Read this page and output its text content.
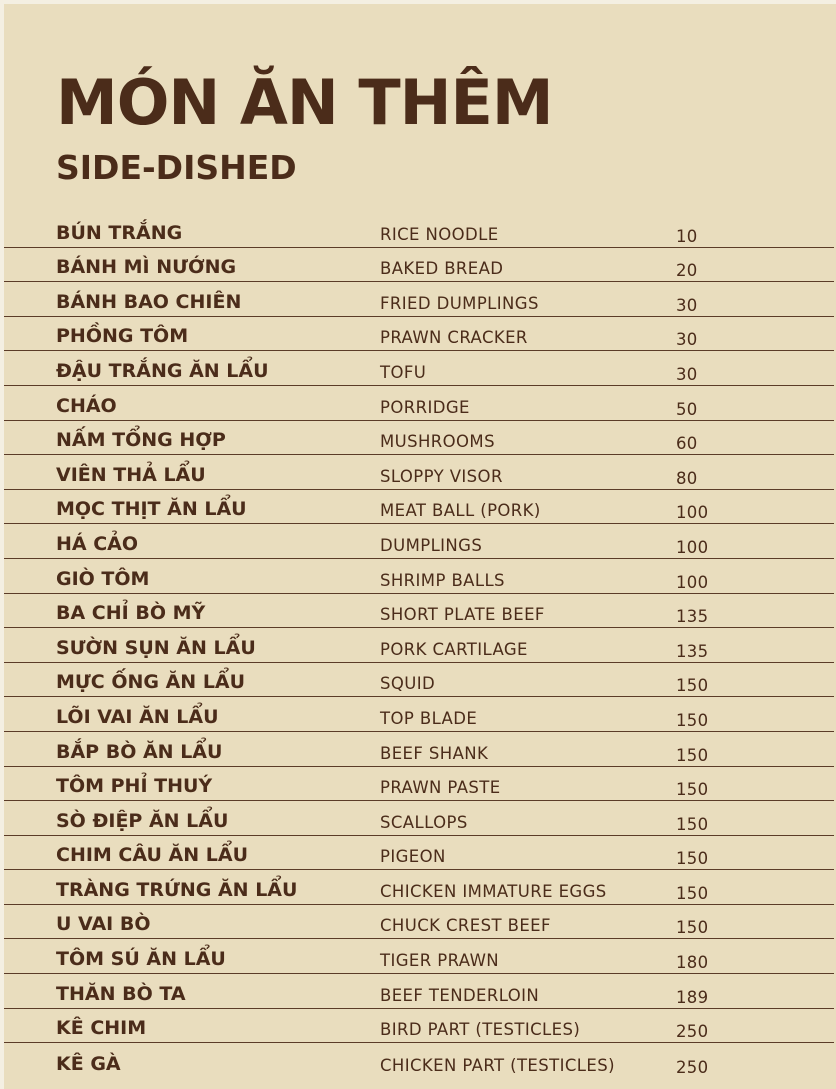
MÓN ĂN THÊM
SIDE-DISHED
BÚN TRẮNG	RICE NOODLE	10
BÁNH MÌ NƯỚNG	BAKED BREAD	20
BÁNH BAO CHIÊN	FRIED DUMPLINGS	30
PHỒNG TÔM	PRAWN CRACKER	30
ĐẬU TRẮNG ĂN LẨU	TOFU	30
CHÁO	PORRIDGE	50
NẤM TỔNG HỢP	MUSHROOMS	60
VIÊN THẢ LẨU	SLOPPY VISOR	80
MỌC THỊT ĂN LẨU	MEAT BALL (PORK)	100
HÁ CẢO	DUMPLINGS	100
GIÒ TÔM	SHRIMP BALLS	100
BA CHỈ BÒ MỸ	SHORT PLATE BEEF	135
SƯỜN SỤN ĂN LẨU	PORK CARTILAGE	135
MỰC ỐNG ĂN LẨU	SQUID	150
LÕI VAI ĂN LẨU	TOP BLADE	150
BẮP BÒ ĂN LẨU	BEEF SHANK	150
TÔM PHỈ THUÝ	PRAWN PASTE	150
SÒ ĐIỆP ĂN LẨU	SCALLOPS	150
CHIM CÂU ĂN LẨU	PIGEON	150
TRÀNG TRỨNG ĂN LẨU	CHICKEN IMMATURE EGGS	150
U VAI BÒ	CHUCK CREST BEEF	150
TÔM SÚ ĂN LẨU	TIGER PRAWN	180
THĂN BÒ TA	BEEF TENDERLOIN	189
KÊ CHIM	BIRD PART (TESTICLES)	250
KÊ GÀ	CHICKEN PART (TESTICLES)	250
